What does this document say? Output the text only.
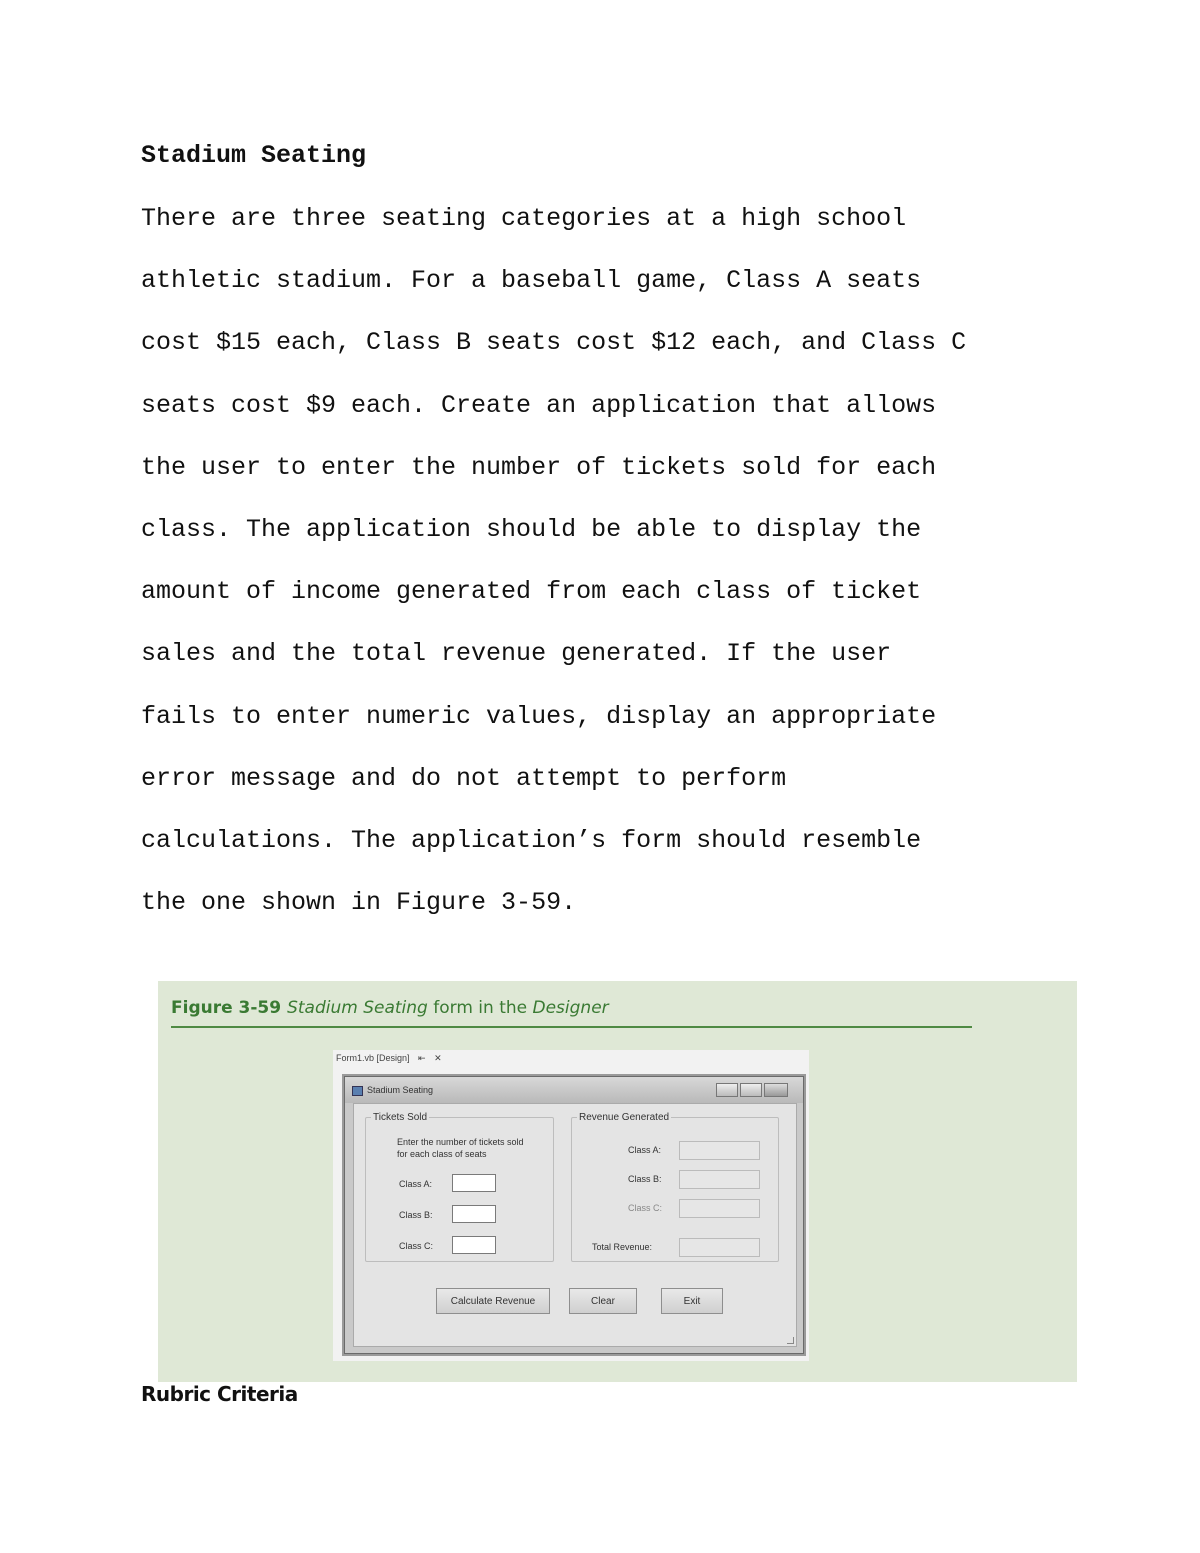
Stadium Seating

There are three seating categories at a high school
athletic stadium. For a baseball game, Class A seats
cost $15 each, Class B seats cost $12 each, and Class C
seats cost $9 each. Create an application that allows
the user to enter the number of tickets sold for each
class. The application should be able to display the
amount of income generated from each class of ticket
sales and the total revenue generated. If the user
fails to enter numeric values, display an appropriate
error message and do not attempt to perform
calculations. The application’s form should resemble
the one shown in Figure 3-59.

Figure 3-59 Stadium Seating form in the Designer
Form1.vb [Design] ⇤ ✕
Stadium Seating
Tickets Sold
Enter the number of tickets sold
for each class of seats
Class A:
Class B:
Class C:
Revenue Generated
Class A:
Class B:
Class C:
Total Revenue:
Calculate Revenue	Clear	Exit
Rubric Criteria
